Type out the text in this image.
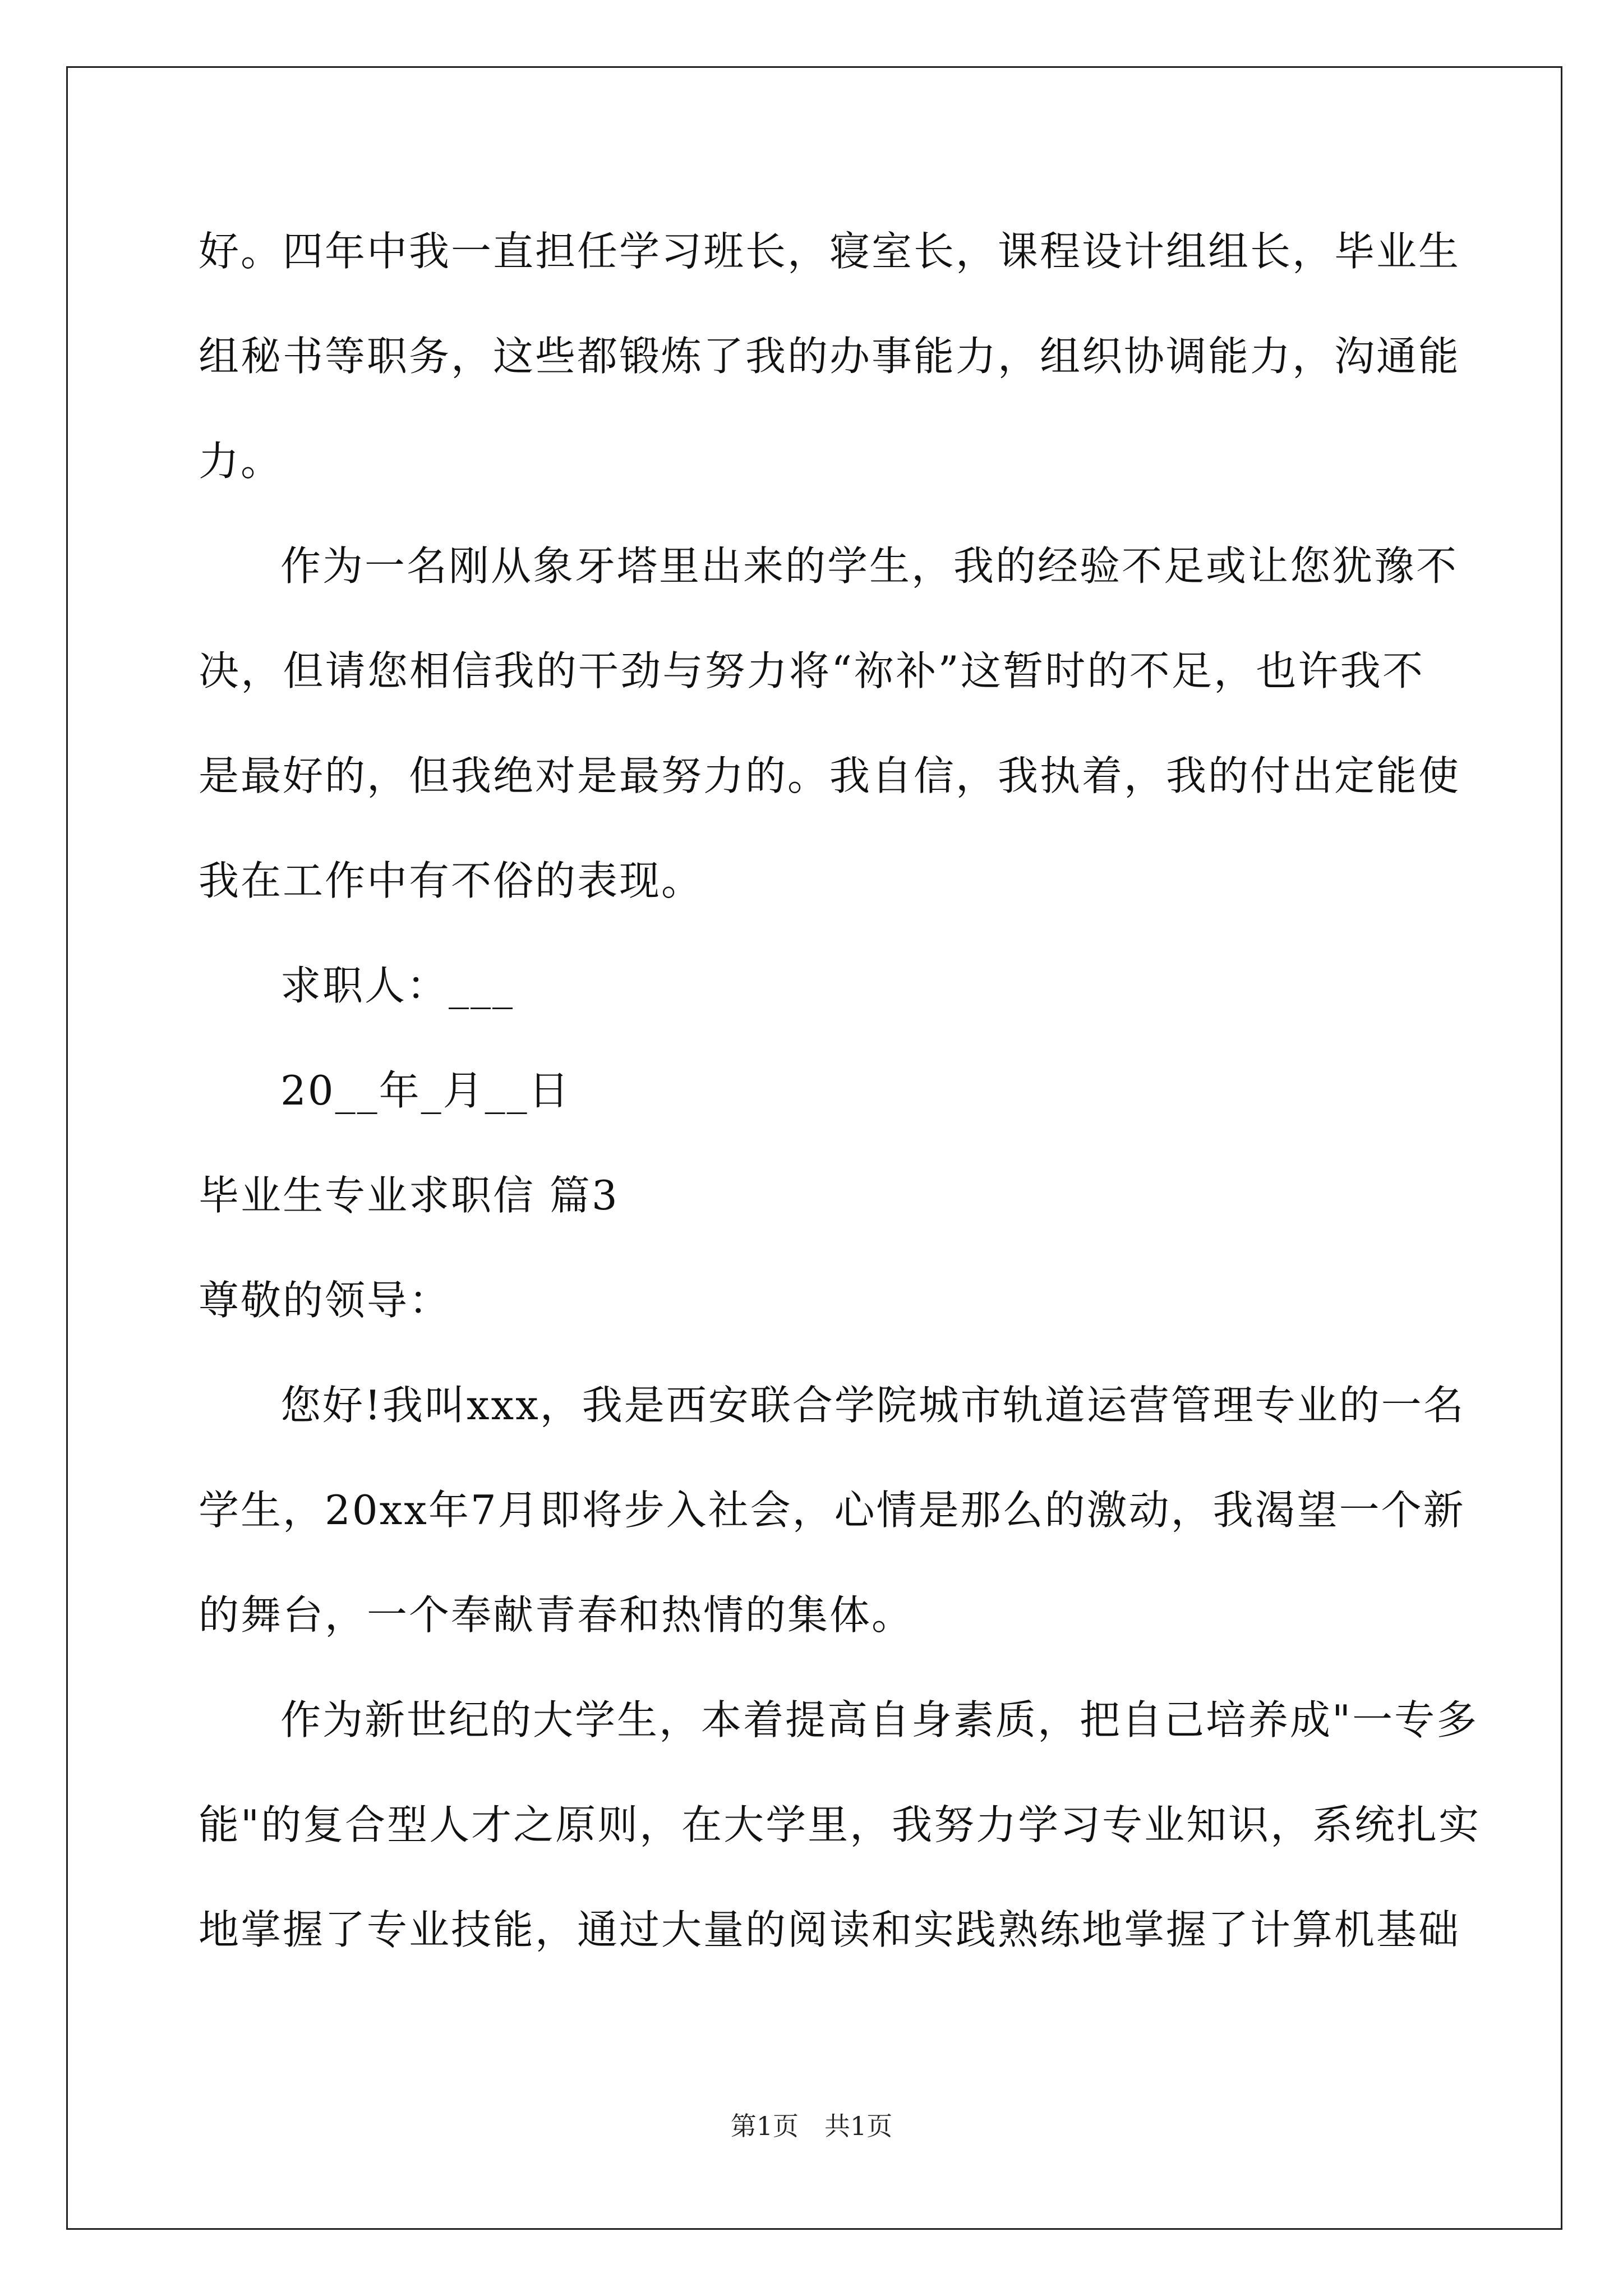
好。四年中我一直担任学习班长，寝室长，课程设计组组长，毕业生
组秘书等职务，这些都锻炼了我的办事能力，组织协调能力，沟通能
力。
作为一名刚从象牙塔里出来的学生，我的经验不足或让您犹豫不
决，但请您相信我的干劲与努力将“祢补”这暂时的不足，也许我不
是最好的，但我绝对是最努力的。我自信，我执着，我的付出定能使
我在工作中有不俗的表现。
求职人：___
20__年_月__日
毕业生专业求职信 篇3
尊敬的领导：
您好!我叫xxx，我是西安联合学院城市轨道运营管理专业的一名
学生，20xx年7月即将步入社会，心情是那么的激动，我渴望一个新
的舞台，一个奉献青春和热情的集体。
作为新世纪的大学生，本着提高自身素质，把自己培养成"一专多
能"的复合型人才之原则，在大学里，我努力学习专业知识，系统扎实
地掌握了专业技能，通过大量的阅读和实践熟练地掌握了计算机基础
第1页　共1页
